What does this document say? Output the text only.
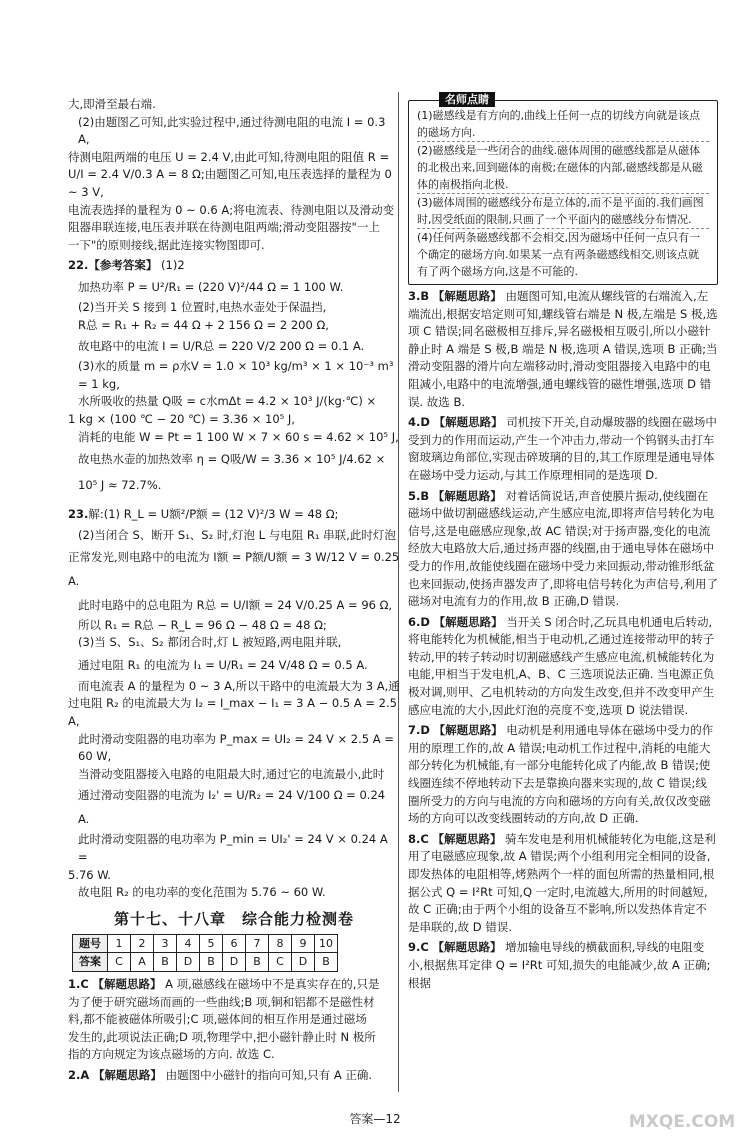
大,即滑至最右端.

(2)由题图乙可知,此实验过程中,通过待测电阻的电流 I = 0.3 A,

待测电阻两端的电压 U = 2.4 V,由此可知,待测电阻的阻值 R =

U/I = 2.4 V/0.3 A = 8 Ω;由题图乙可知,电压表选择的量程为 0 ~ 3 V,

电流表选择的量程为 0 ~ 0.6 A;将电流表、待测电阻以及滑动变

阻器串联连接,电压表并联在待测电阻两端;滑动变阻器按"一上

一下"的原则接线,据此连接实物图即可.

22.【参考答案】 (1)2

加热功率 P = U²/R₁ = (220 V)²/44 Ω = 1 100 W.

(2)当开关 S 接到 1 位置时,电热水壶处于保温挡,

R总 = R₁ + R₂ = 44 Ω + 2 156 Ω = 2 200 Ω,

故电路中的电流 I = U/R总 = 220 V/2 200 Ω = 0.1 A.

(3)水的质量 m = ρ水V = 1.0 × 10³ kg/m³ × 1 × 10⁻³ m³ = 1 kg,

水所吸收的热量 Q吸 = c水mΔt = 4.2 × 10³ J/(kg·℃) ×

1 kg × (100 ℃ − 20 ℃) = 3.36 × 10⁵ J,

消耗的电能 W = Pt = 1 100 W × 7 × 60 s = 4.62 × 10⁵ J,

故电热水壶的加热效率 η = Q吸/W = 3.36 × 10⁵ J/4.62 × 10⁵ J ≈ 72.7%.

23.解:(1) R_L = U额²/P额 = (12 V)²/3 W = 48 Ω;

(2)当闭合 S、断开 S₁、S₂ 时,灯泡 L 与电阻 R₁ 串联,此时灯泡

正常发光,则电路中的电流为 I额 = P额/U额 = 3 W/12 V = 0.25 A.

此时电路中的总电阻为 R总 = U/I额 = 24 V/0.25 A = 96 Ω,

所以 R₁ = R总 − R_L = 96 Ω − 48 Ω = 48 Ω;

(3)当 S、S₁、S₂ 都闭合时,灯 L 被短路,两电阻并联,

通过电阻 R₁ 的电流为 I₁ = U/R₁ = 24 V/48 Ω = 0.5 A.

而电流表 A 的量程为 0 ~ 3 A,所以干路中的电流最大为 3 A,通

过电阻 R₂ 的电流最大为 I₂ = I_max − I₁ = 3 A − 0.5 A = 2.5 A,

此时滑动变阻器的电功率为 P_max = UI₂ = 24 V × 2.5 A = 60 W,

当滑动变阻器接入电路的电阻最大时,通过它的电流最小,此时

通过滑动变阻器的电流为 I₂' = U/R₂ = 24 V/100 Ω = 0.24 A.

此时滑动变阻器的电功率为 P_min = UI₂' = 24 V × 0.24 A =

5.76 W.

故电阻 R₂ 的电功率的变化范围为 5.76 ~ 60 W.

第十七、十八章　综合能力检测卷
题号	1	2	3	4	5	6	7	8	9	10
答案	C	A	B	D	B	D	B	C	D	B

1.C 【解题思路】 A 项,磁感线在磁场中不是真实存在的,只是

为了便于研究磁场而画的一些曲线;B 项,铜和铝都不是磁性材

料,都不能被磁体所吸引;C 项,磁体间的相互作用是通过磁场

发生的,此项说法正确;D 项,物理学中,把小磁针静止时 N 极所

指的方向规定为该点磁场的方向. 故选 C.

2.A 【解题思路】 由题图中小磁针的指向可知,只有 A 正确.

名师点睛

(1)磁感线是有方向的,曲线上任何一点的切线方向就是该点的磁场方向.

(2)磁感线是一些闭合的曲线.磁体周围的磁感线都是从磁体的北极出来,回到磁体的南极;在磁体的内部,磁感线都是从磁体的南极指向北极.

(3)磁体周围的磁感线分布是立体的,而不是平面的.我们画图时,因受纸面的限制,只画了一个平面内的磁感线分布情况.

(4)任何两条磁感线都不会相交,因为磁场中任何一点只有一个确定的磁场方向.如果某一点有两条磁感线相交,则该点就有了两个磁场方向,这是不可能的.

3.B 【解题思路】 由题图可知,电流从螺线管的右端流入,左端流出,根据安培定则可知,螺线管右端是 N 极,左端是 S 极,选项 C 错误;同名磁极相互排斥,异名磁极相互吸引,所以小磁针静止时 A 端是 S 极,B 端是 N 极,选项 A 错误,选项 B 正确;当滑动变阻器的滑片向左端移动时,滑动变阻器接入电路中的电阻减小,电路中的电流增强,通电螺线管的磁性增强,选项 D 错误. 故选 B.

4.D 【解题思路】 司机按下开关,自动爆玻器的线圈在磁场中受到力的作用而运动,产生一个冲击力,带动一个钨钢头击打车窗玻璃边角部位,实现击碎玻璃的目的,其工作原理是通电导体在磁场中受力运动,与其工作原理相同的是选项 D.

5.B 【解题思路】 对着话筒说话,声音使膜片振动,使线圈在磁场中做切割磁感线运动,产生感应电流,即将声信号转化为电信号,这是电磁感应现象,故 AC 错误;对于扬声器,变化的电流经放大电路放大后,通过扬声器的线圈,由于通电导体在磁场中受力的作用,故能使线圈在磁场中受力来回振动,带动锥形纸盆也来回振动,使扬声器发声了,即将电信号转化为声信号,利用了磁场对电流有力的作用,故 B 正确,D 错误.

6.D 【解题思路】 当开关 S 闭合时,乙玩具电机通电后转动,将电能转化为机械能,相当于电动机,乙通过连接带动甲的转子转动,甲的转子转动时切割磁感线产生感应电流,机械能转化为电能,甲相当于发电机,A、B、C 三选项说法正确. 当电源正负极对调,则甲、乙电机转动的方向发生改变,但并不改变甲产生感应电流的大小,因此灯泡的亮度不变,选项 D 说法错误.

7.D 【解题思路】 电动机是利用通电导体在磁场中受力的作用的原理工作的,故 A 错误;电动机工作过程中,消耗的电能大部分转化为机械能,有一部分电能转化成了内能,故 B 错误;使线圈连续不停地转动下去是靠换向器来实现的,故 C 错误;线圈所受力的方向与电流的方向和磁场的方向有关,故仅改变磁场的方向可以改变线圈转动的方向,故 D 正确.

8.C 【解题思路】 骑车发电是利用机械能转化为电能,这是利用了电磁感应现象,故 A 错误;两个小组利用完全相同的设备,即发热体的电阻相等,烤熟两个一样的面包所需的热量相同,根据公式 Q = I²Rt 可知,Q 一定时,电流越大,所用的时间越短,故 C 正确;由于两个小组的设备互不影响,所以发热体肯定不是串联的,故 D 错误.

9.C 【解题思路】 增加输电导线的横截面积,导线的电阻变小,根据焦耳定律 Q = I²Rt 可知,损失的电能减少,故 A 正确;根据

答案—12	MXQE.COM
